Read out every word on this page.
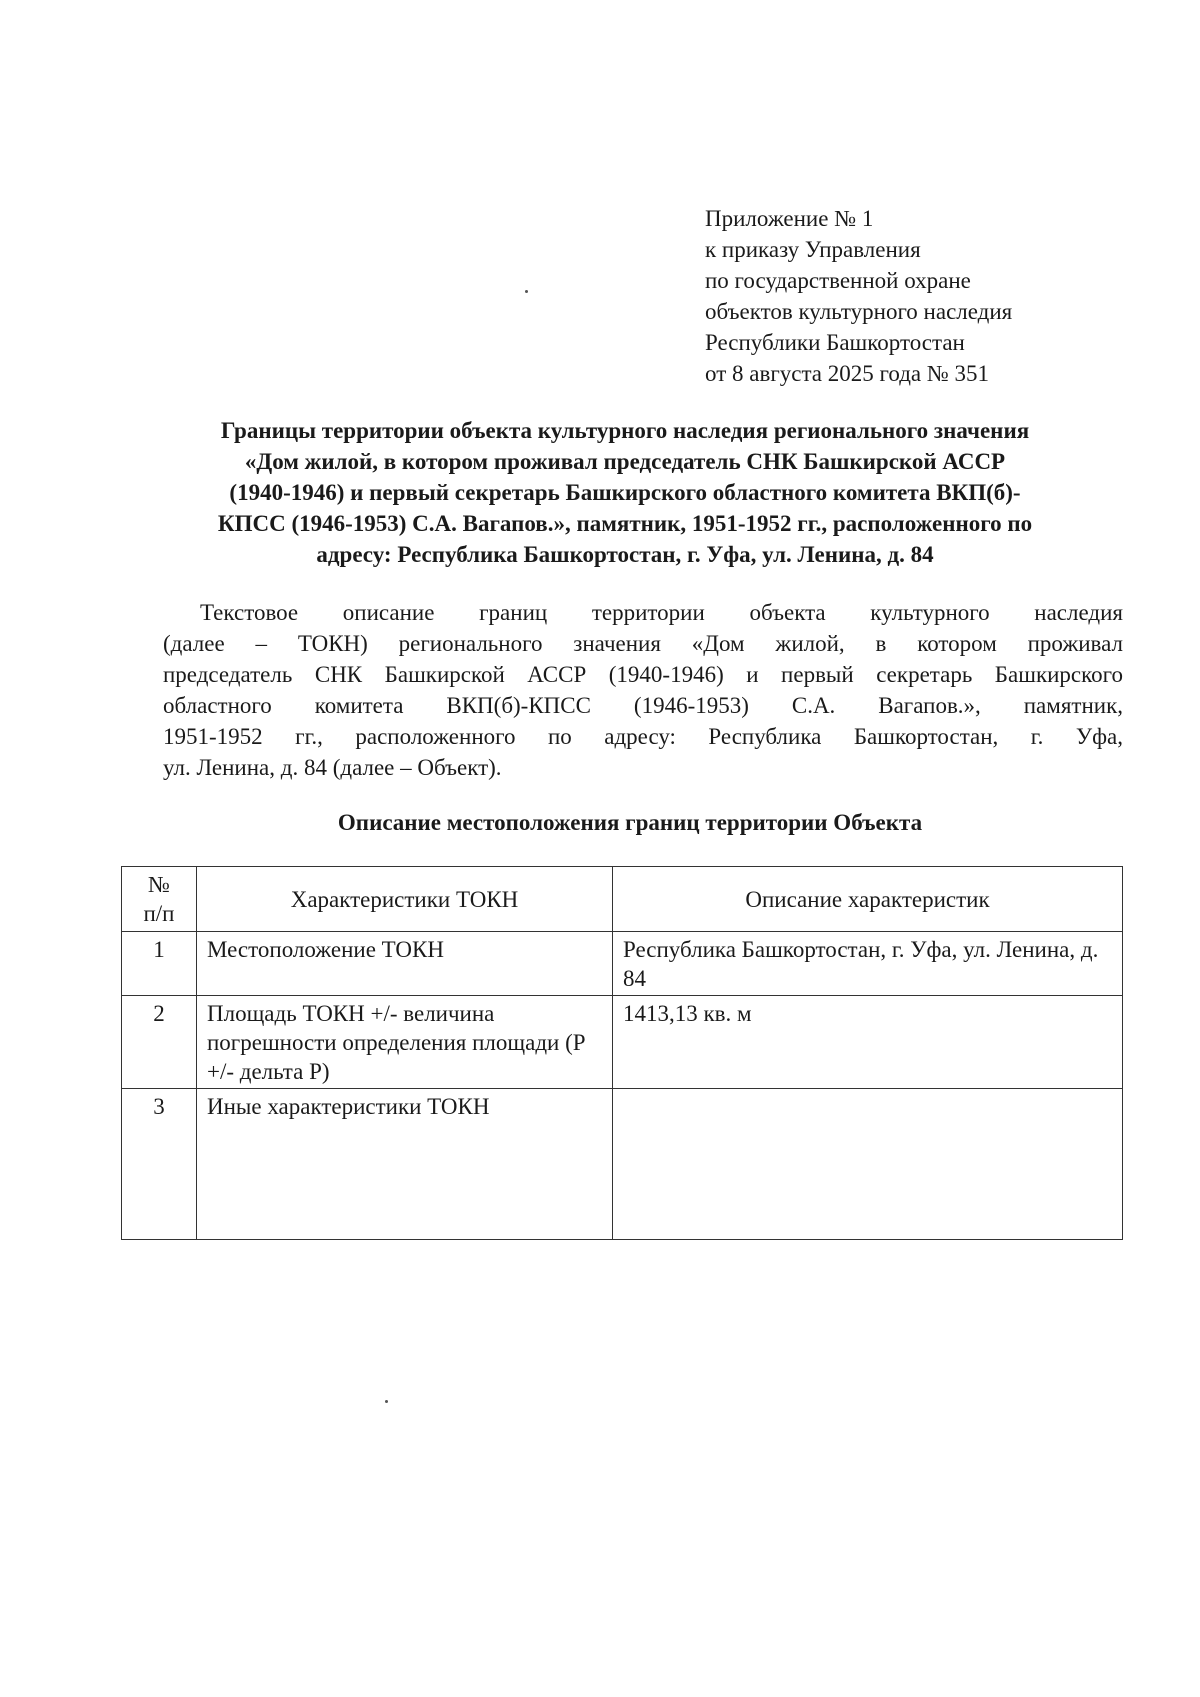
Приложение № 1
к приказу Управления
по государственной охране
объектов культурного наследия
Республики Башкортостан
от 8 августа 2025 года № 351
Границы территории объекта культурного наследия регионального значения
«Дом жилой, в котором проживал председатель СНК Башкирской АССР
(1940-1946) и первый секретарь Башкирского областного комитета ВКП(б)-
КПСС (1946-1953) С.А. Вагапов.», памятник, 1951-1952 гг., расположенного по
адресу: Республика Башкортостан, г. Уфа, ул. Ленина, д. 84
Текстовое описание границ территории объекта культурного наследия
(далее – ТОКН) регионального значения «Дом жилой, в котором проживал
председатель СНК Башкирской АССР (1940-1946) и первый секретарь Башкирского
областного комитета ВКП(б)-КПСС (1946-1953) С.А. Вагапов.», памятник,
1951-1952 гг., расположенного по адресу: Республика Башкортостан, г. Уфа,
ул. Ленина, д. 84 (далее – Объект).
Описание местоположения границ территории Объекта
№
п/п	Характеристики ТОКН	Описание характеристик
1	Местоположение ТОКН	Республика Башкортостан, г. Уфа, ул. Ленина, д. 84
2	Площадь ТОКН +/- величина погрешности определения площади (Р +/- дельта Р)	1413,13 кв. м
3	Иные характеристики ТОКН	
